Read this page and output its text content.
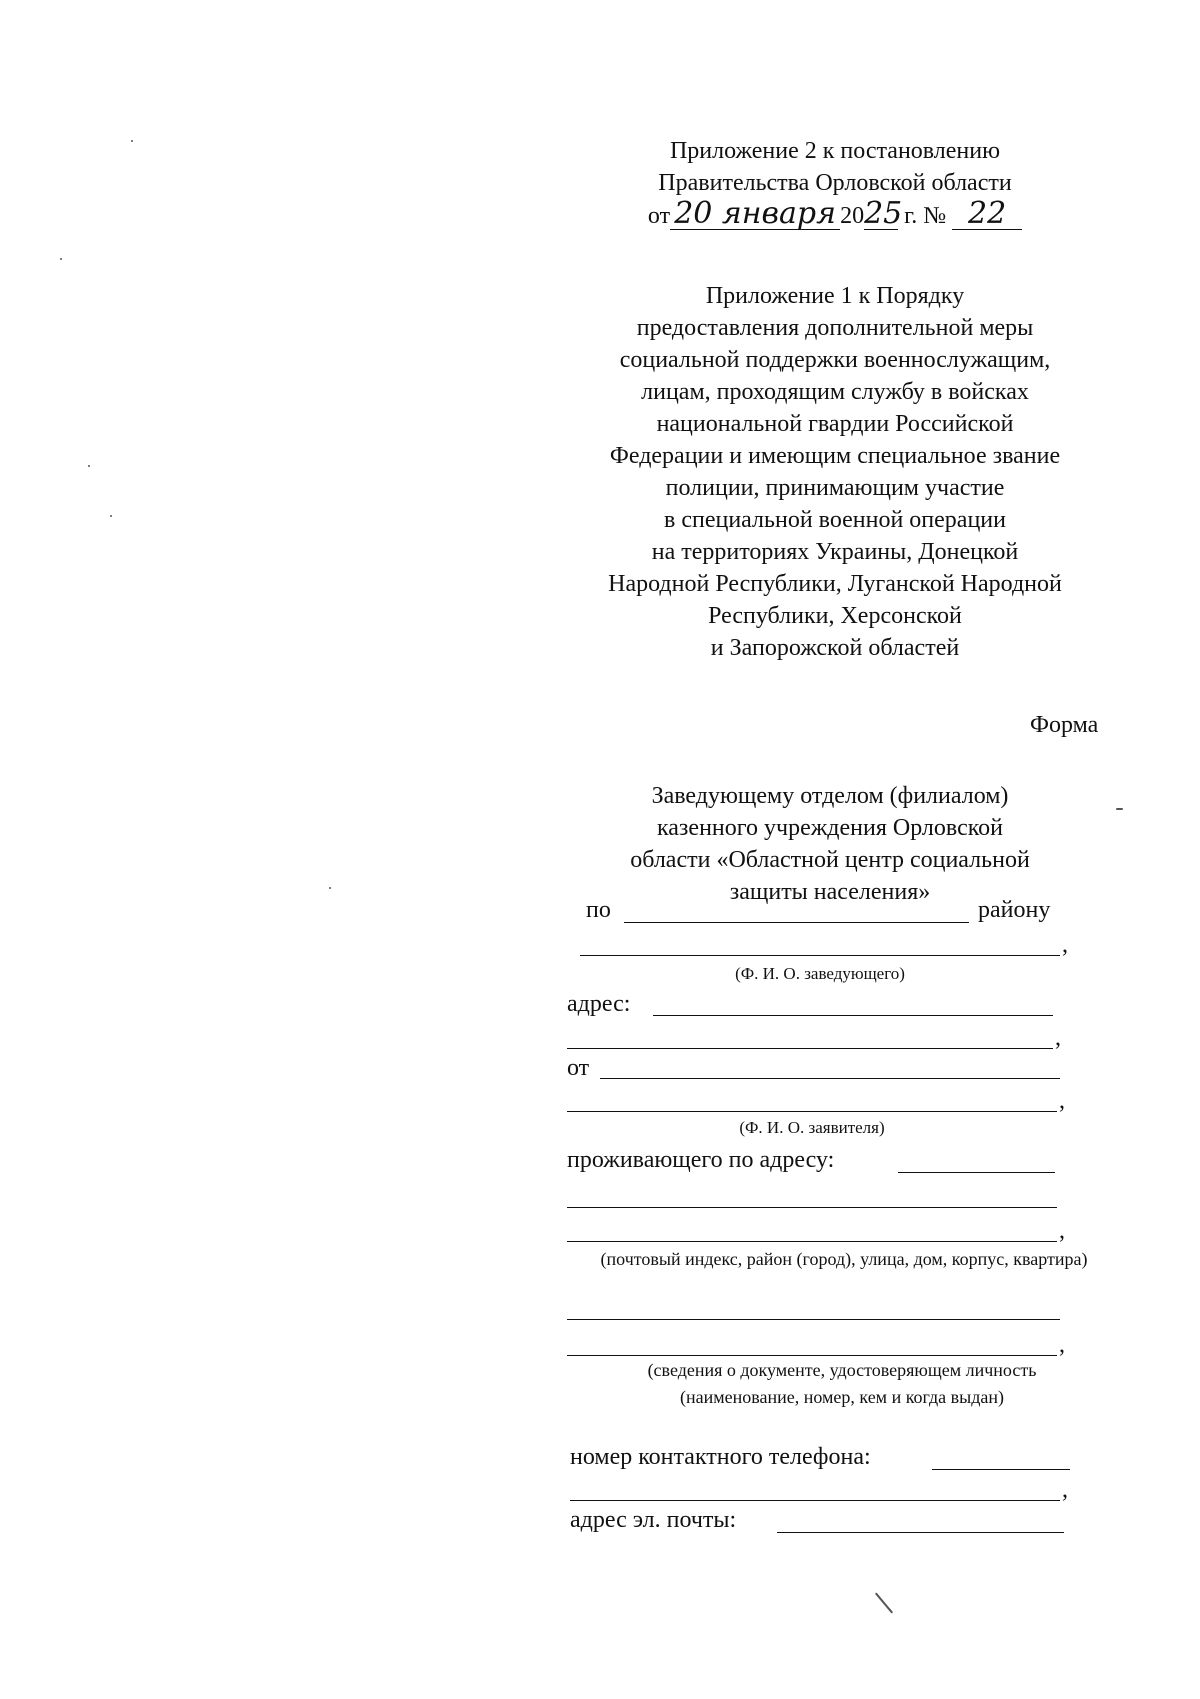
Приложение 2 к постановлению
Правительства Орловской области
от 20 января 2025 г. № 22
Приложение 1 к Порядку
предоставления дополнительной меры
социальной поддержки военнослужащим,
лицам, проходящим службу в войсках
национальной гвардии Российской
Федерации и имеющим специальное звание
полиции, принимающим участие
в специальной военной операции
на территориях Украины, Донецкой
Народной Республики, Луганской Народной
Республики, Херсонской
и Запорожской областей
Форма
Заведующему отделом (филиалом)
казенного учреждения Орловской
области «Областной центр социальной
защиты населения»
по	району
,
(Ф. И. О. заведующего)
адрес:
,
от
,
(Ф. И. О. заявителя)
проживающего по адресу:
,
(почтовый индекс, район (город), улица, дом, корпус, квартира)
,
(сведения о документе, удостоверяющем личность
(наименование, номер, кем и когда выдан)
номер контактного телефона:
,
адрес эл. почты:
